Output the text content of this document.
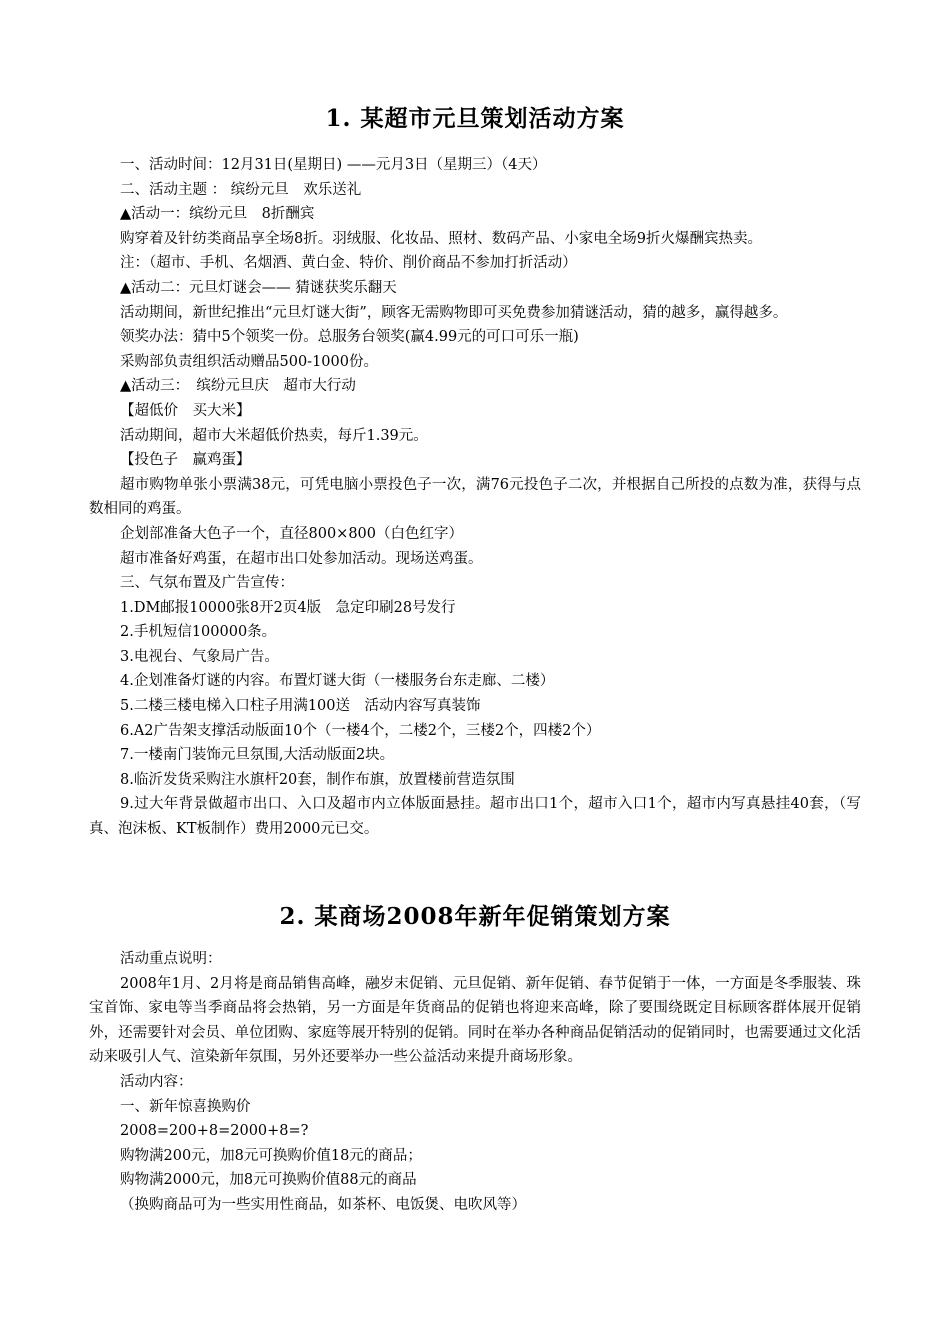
1. 某超市元旦策划活动方案

一、活动时间：12月31日(星期日) ——元月3日（星期三）（4天）

二、活动主题 ： 缤纷元旦　欢乐送礼

▲活动一：缤纷元旦　8折酬宾

购穿着及针纺类商品享全场8折。羽绒服、化妆品、照材、数码产品、小家电全场9折火爆酬宾热卖。

注：（超市、手机、名烟酒、黄白金、特价、削价商品不参加打折活动）

▲活动二：元旦灯谜会—— 猜谜获奖乐翻天

活动期间，新世纪推出“元旦灯谜大街”，顾客无需购物即可买免费参加猜谜活动，猜的越多，赢得越多。

领奖办法：猜中5个领奖一份。总服务台领奖(赢4.99元的可口可乐一瓶)

采购部负责组织活动赠品500-1000份。

▲活动三：　缤纷元旦庆　超市大行动

【超低价　买大米】

活动期间，超市大米超低价热卖，每斤1.39元。

【投色子　赢鸡蛋】

超市购物单张小票满38元，可凭电脑小票投色子一次，满76元投色子二次，并根据自己所投的点数为准，获得与点数相同的鸡蛋。

企划部准备大色子一个，直径800×800（白色红字）

超市准备好鸡蛋，在超市出口处参加活动。现场送鸡蛋。

三、气氛布置及广告宣传：

1.DM邮报10000张8开2页4版　急定印刷28号发行

2.手机短信100000条。

3.电视台、气象局广告。

4.企划准备灯谜的内容。布置灯谜大街（一楼服务台东走廊、二楼）

5.二楼三楼电梯入口柱子用满100送　活动内容写真装饰

6.A2广告架支撑活动版面10个（一楼4个，二楼2个，三楼2个，四楼2个）

7.一楼南门装饰元旦氛围,大活动版面2块。

8.临沂发货采购注水旗杆20套，制作布旗，放置楼前营造氛围

9.过大年背景做超市出口、入口及超市内立体版面悬挂。超市出口1个，超市入口1个，超市内写真悬挂40套，（写真、泡沫板、KT板制作）费用2000元已交。

2. 某商场2008年新年促销策划方案

活动重点说明：

2008年1月、2月将是商品销售高峰，融岁末促销、元旦促销、新年促销、春节促销于一体，一方面是冬季服装、珠宝首饰、家电等当季商品将会热销，另一方面是年货商品的促销也将迎来高峰，除了要围绕既定目标顾客群体展开促销外，还需要针对会员、单位团购、家庭等展开特别的促销。同时在举办各种商品促销活动的促销同时，也需要通过文化活动来吸引人气、渲染新年氛围，另外还要举办一些公益活动来提升商场形象。

活动内容：

一、新年惊喜换购价

2008=200+8=2000+8=?

购物满200元，加8元可换购价值18元的商品；

购物满2000元，加8元可换购价值88元的商品

（换购商品可为一些实用性商品，如茶杯、电饭煲、电吹风等）
